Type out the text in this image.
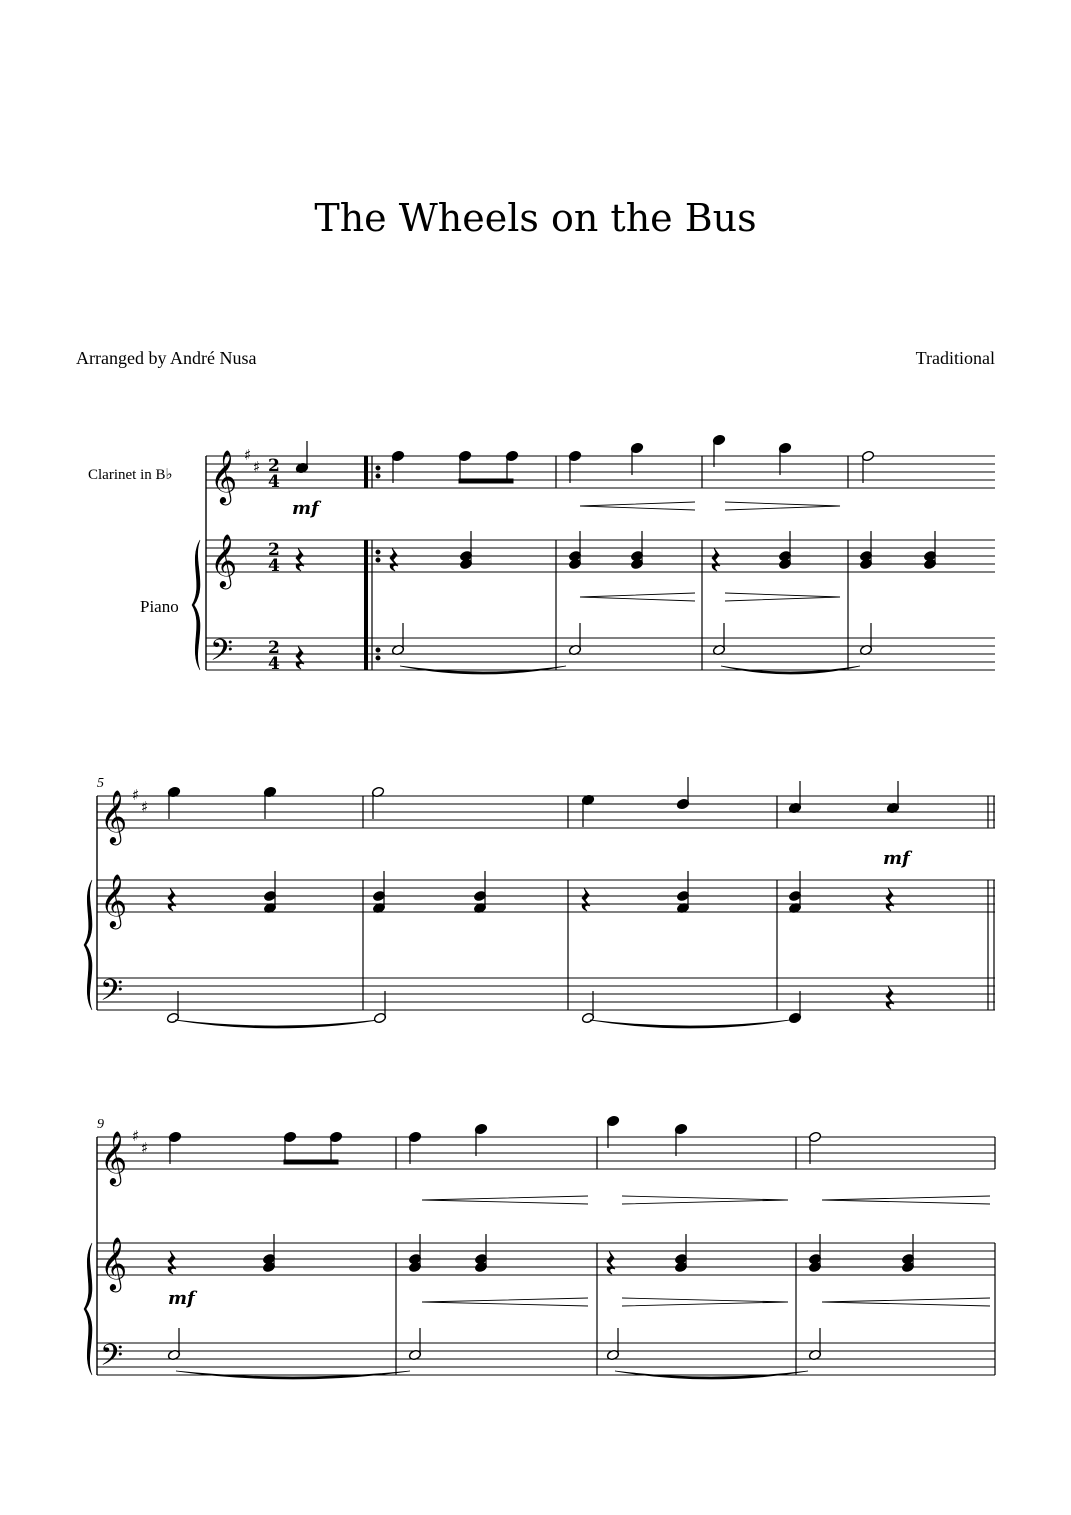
The Wheels on the Bus
Arranged by André Nusa	Traditional
Clarinet in B♭
Piano
5
9
𝄞 ♯
♯ 2
4
𝄞 2
4
𝄢 2
4
mf
𝄞 ♯
♯
𝄞
𝄢
mf
𝄞 ♯
♯
𝄞
𝄢
mf
